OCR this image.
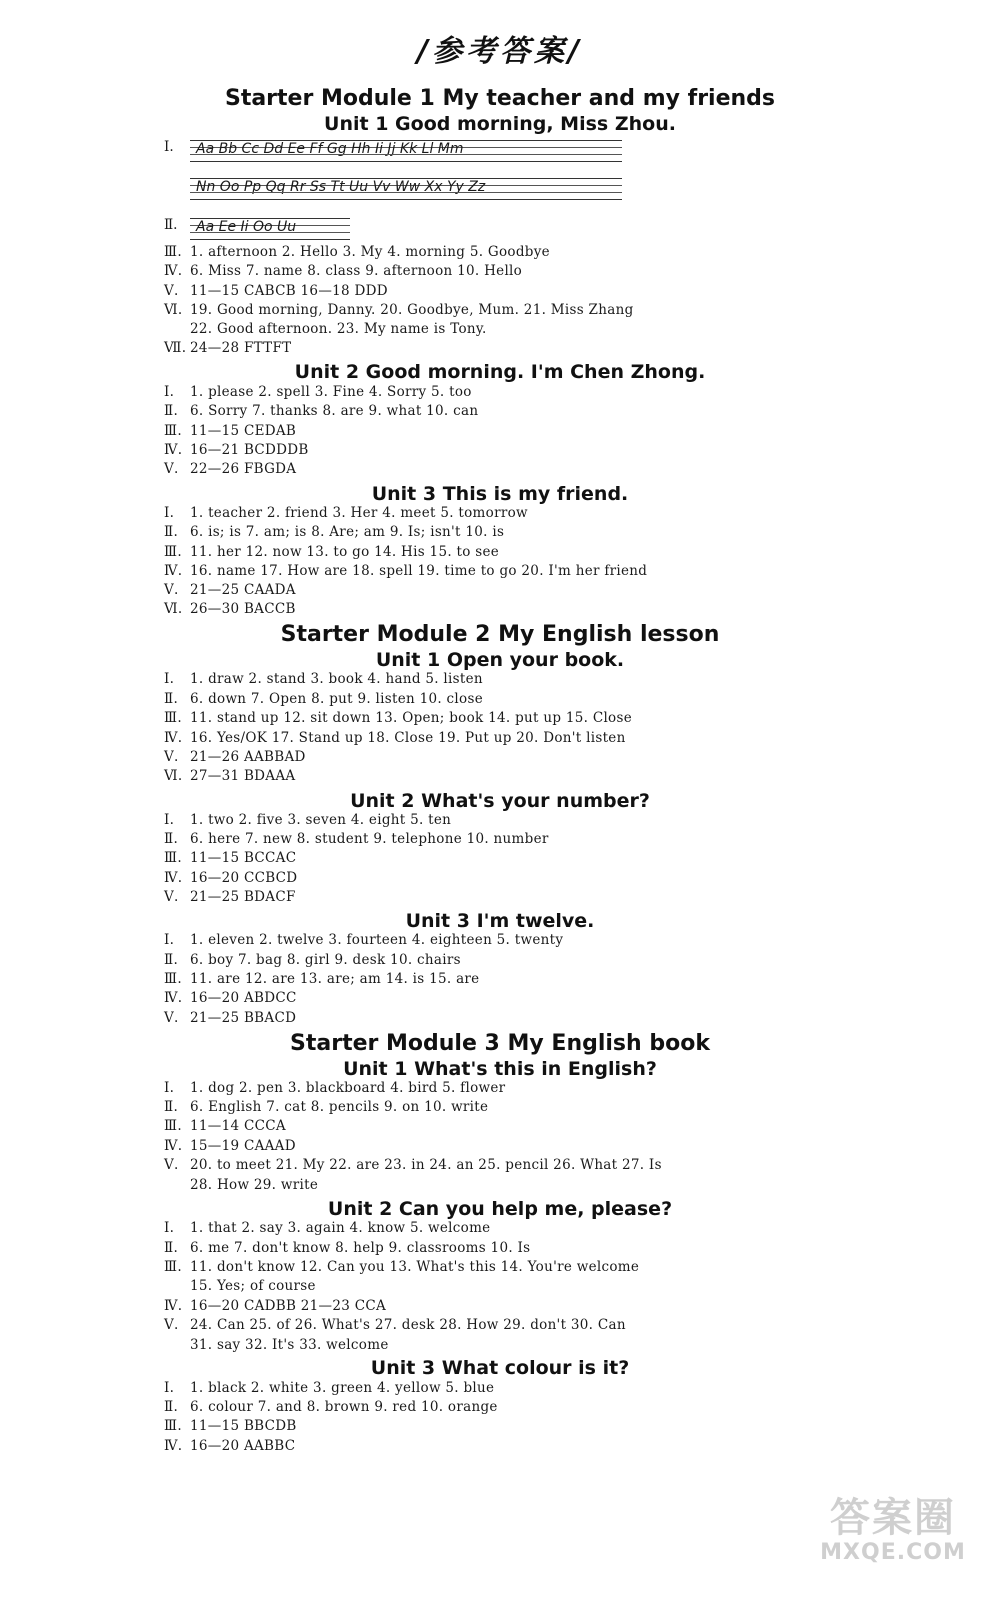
/参考答案/
Starter Module 1 My teacher and my friends
Unit 1 Good morning, Miss Zhou.
Unit 2 Good morning. I'm Chen Zhong.
Unit 3 This is my friend.
Starter Module 2 My English lesson
Unit 1 Open your book.
Unit 2 What's your number?
Unit 3 I'm twelve.
Starter Module 3 My English book
Unit 1 What's this in English?
Unit 2 Can you help me, please?
Unit 3 What colour is it?
Ⅰ. Aa Bb Cc Dd Ee Ff Gg Hh Ii Jj Kk Ll Mm
Nn Oo Pp Qq Rr Ss Tt Uu Vv Ww Xx Yy Zz
Ⅱ. Aa Ee Ii Oo Uu
Ⅲ. 1. afternoon 2. Hello 3. My 4. morning 5. Goodbye
Ⅳ. 6. Miss 7. name 8. class 9. afternoon 10. Hello
Ⅴ. 11—15 CABCB 16—18 DDD
Ⅵ. 19. Good morning, Danny. 20. Goodbye, Mum. 21. Miss Zhang
22. Good afternoon. 23. My name is Tony.
Ⅶ. 24—28 FTTFT
Ⅰ. 1. please 2. spell 3. Fine 4. Sorry 5. too
Ⅱ. 6. Sorry 7. thanks 8. are 9. what 10. can
Ⅲ. 11—15 CEDAB
Ⅳ. 16—21 BCDDDB
Ⅴ. 22—26 FBGDA
Ⅰ. 1. teacher 2. friend 3. Her 4. meet 5. tomorrow
Ⅱ. 6. is; is 7. am; is 8. Are; am 9. Is; isn't 10. is
Ⅲ. 11. her 12. now 13. to go 14. His 15. to see
Ⅳ. 16. name 17. How are 18. spell 19. time to go 20. I'm her friend
Ⅴ. 21—25 CAADA
Ⅵ. 26—30 BACCB
Ⅰ. 1. draw 2. stand 3. book 4. hand 5. listen
Ⅱ. 6. down 7. Open 8. put 9. listen 10. close
Ⅲ. 11. stand up 12. sit down 13. Open; book 14. put up 15. Close
Ⅳ. 16. Yes/OK 17. Stand up 18. Close 19. Put up 20. Don't listen
Ⅴ. 21—26 AABBAD
Ⅵ. 27—31 BDAAA
Ⅰ. 1. two 2. five 3. seven 4. eight 5. ten
Ⅱ. 6. here 7. new 8. student 9. telephone 10. number
Ⅲ. 11—15 BCCAC
Ⅳ. 16—20 CCBCD
Ⅴ. 21—25 BDACF
Ⅰ. 1. eleven 2. twelve 3. fourteen 4. eighteen 5. twenty
Ⅱ. 6. boy 7. bag 8. girl 9. desk 10. chairs
Ⅲ. 11. are 12. are 13. are; am 14. is 15. are
Ⅳ. 16—20 ABDCC
Ⅴ. 21—25 BBACD
Ⅰ. 1. dog 2. pen 3. blackboard 4. bird 5. flower
Ⅱ. 6. English 7. cat 8. pencils 9. on 10. write
Ⅲ. 11—14 CCCA
Ⅳ. 15—19 CAAAD
Ⅴ. 20. to meet 21. My 22. are 23. in 24. an 25. pencil 26. What 27. Is
28. How 29. write
Ⅰ. 1. that 2. say 3. again 4. know 5. welcome
Ⅱ. 6. me 7. don't know 8. help 9. classrooms 10. Is
Ⅲ. 11. don't know 12. Can you 13. What's this 14. You're welcome
15. Yes; of course
Ⅳ. 16—20 CADBB 21—23 CCA
Ⅴ. 24. Can 25. of 26. What's 27. desk 28. How 29. don't 30. Can
31. say 32. It's 33. welcome
Ⅰ. 1. black 2. white 3. green 4. yellow 5. blue
Ⅱ. 6. colour 7. and 8. brown 9. red 10. orange
Ⅲ. 11—15 BBCDB
Ⅳ. 16—20 AABBC
答案圈
MXQE.COM
